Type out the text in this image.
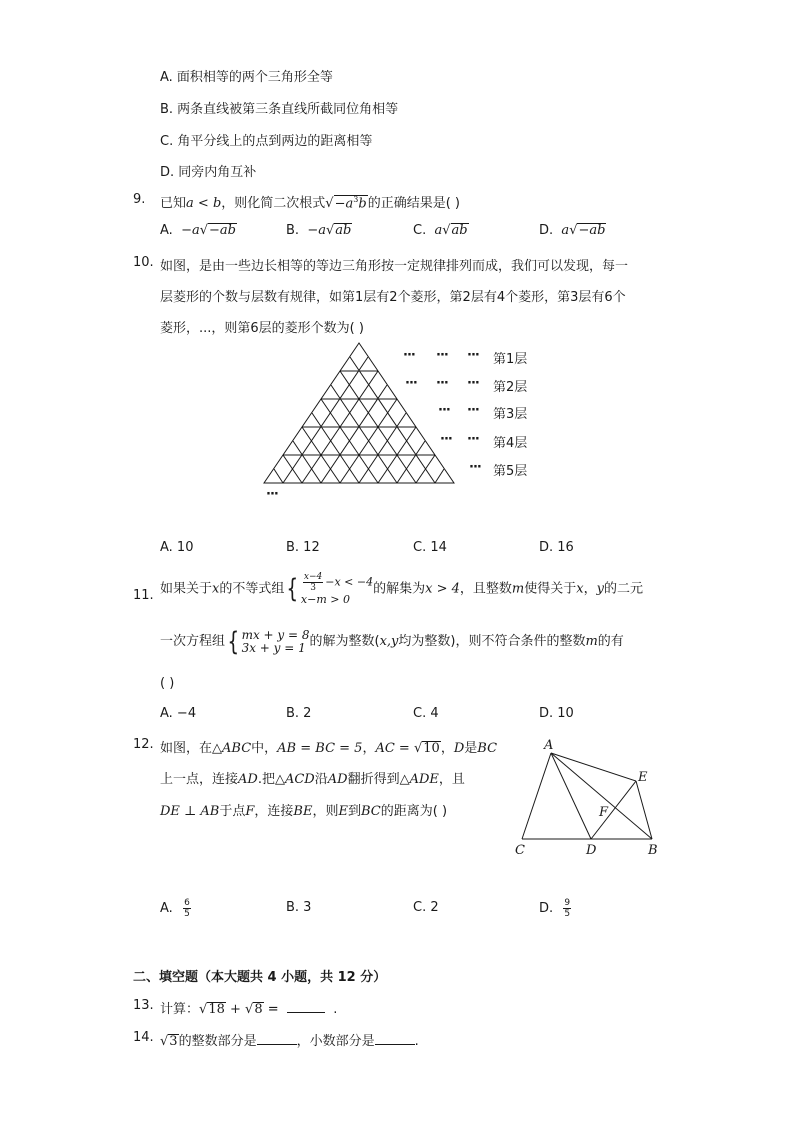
A. 面积相等的两个三角形全等
B. 两条直线被第三条直线所截同位角相等
C. 角平分线上的点到两边的距离相等
D. 同旁内角互补
9. 已知a < b，则化简二次根式$√-a^3b$的正确结果是( )
A. −a√−ab	B. −a√ab	C. a√ab	D. a√−ab
10. 如图，是由一些边长相等的等边三角形按一定规律排列而成，我们可以发现，每一
层菱形的个数与层数有规律，如第1层有2个菱形，第2层有4个菱形，第3层有6个
菱形，...，则第6层的菱形个数为( )
··· ··· ··· 第1层
··· ··· ··· 第2层
··· ··· 第3层
··· ··· 第4层
··· 第5层
···
A. 10	B. 12	C. 14	D. 16
11. 如果关于x的不等式组{ $\frac{x-4}{3} -x < -4$
x−m > 0
的解集为x > 4，且整数m使得关于x，y的二元
一次方程组{ mx + y = 8
3x + y = 1 的解为整数(x,y均为整数)，则不符合条件的整数m的有
( )
A. −4	B. 2	C. 4	D. 10
12. 如图，在△ABC中，AB = BC = 5，AC = √10，D是BC
上一点，连接AD.把△ACD沿AD翻折得到△ADE，且
DE ⊥ AB于点F，连接BE，则E到BC的距离为( )
A
E
F
C	D	B
A. $\frac{6}{5}$	B. 3	C. 2	D. $\frac{9}{5}$
二、填空题（本大题共 4 小题，共 12 分）
13. 计算：√18 + √8 =	.
14. √3的整数部分是	，小数部分是	.
